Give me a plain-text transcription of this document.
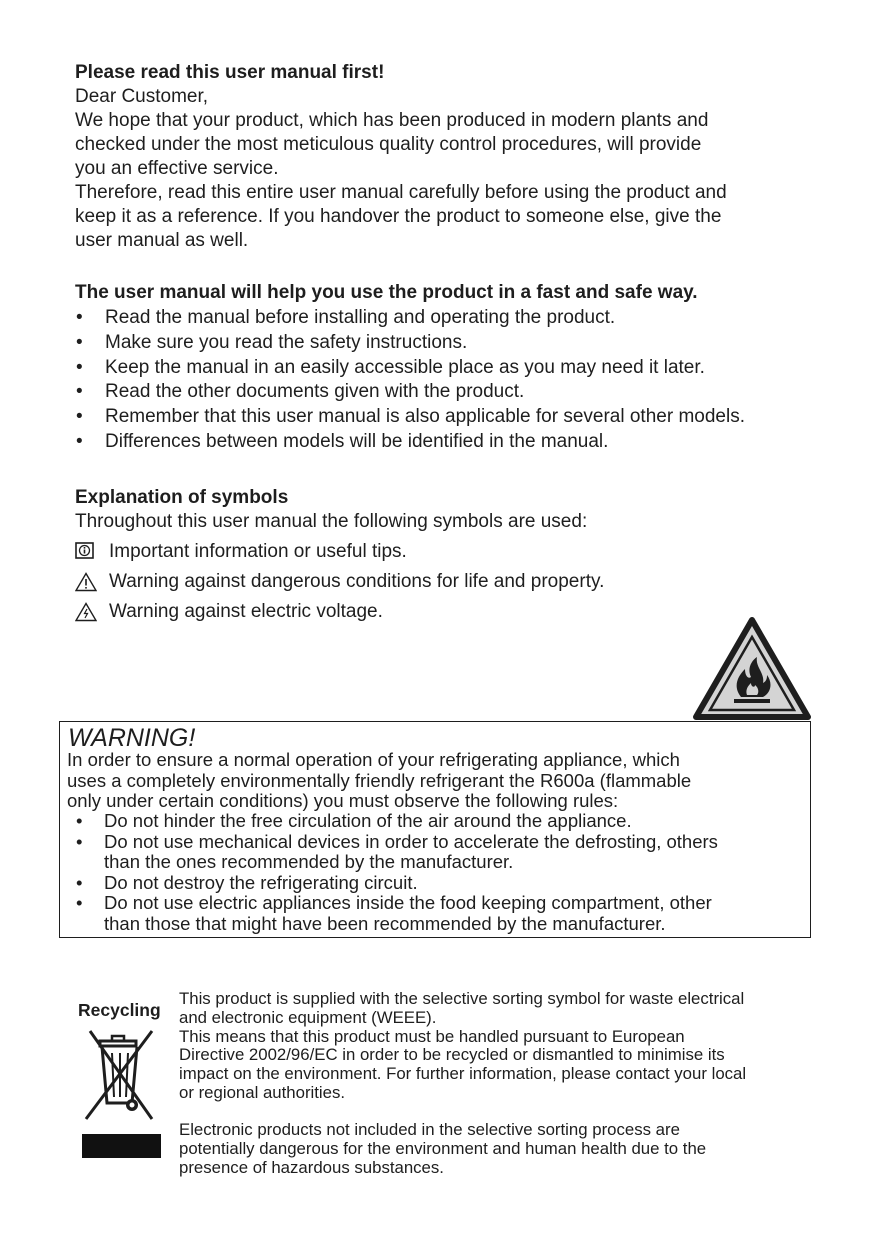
Please read this user manual first!
Dear Customer,
We hope that your product, which has been produced in modern plants and
checked under the most meticulous quality control procedures, will provide
you an effective service.
Therefore, read this entire user manual carefully before using the product and
keep it as a reference. If you handover the product to someone else, give the
user manual as well.
The user manual will help you use the product in a fast and safe way.
• Read the manual before installing and operating the product.
• Make sure you read the safety instructions.
• Keep the manual in an easily accessible place as you may need it later.
• Read the other documents given with the product.
• Remember that this user manual is also applicable for several other models.
• Differences between models will be identified in the manual.
Explanation of symbols
Throughout this user manual the following symbols are used:
Important information or useful tips.
Warning against dangerous conditions for life and property.
Warning against electric voltage.
WARNING!
In order to ensure a normal operation of your refrigerating appliance, which
uses a completely environmentally friendly refrigerant the R600a (flammable
only under certain conditions) you must observe the following rules:
• Do not hinder the free circulation of the air around the appliance.
• Do not use mechanical devices in order to accelerate the defrosting, others
than the ones recommended by the manufacturer.
• Do not destroy the refrigerating circuit.
• Do not use electric appliances inside the food keeping compartment, other
than those that might have been recommended by the manufacturer.
Recycling
This product is supplied with the selective sorting symbol for waste electrical
and electronic equipment (WEEE).
This means that this product must be handled pursuant to European
Directive 2002/96/EC in order to be recycled or dismantled to minimise its
impact on the environment. For further information, please contact your local
or regional authorities.
Electronic products not included in the selective sorting process are
potentially dangerous for the environment and human health due to the
presence of hazardous substances.
